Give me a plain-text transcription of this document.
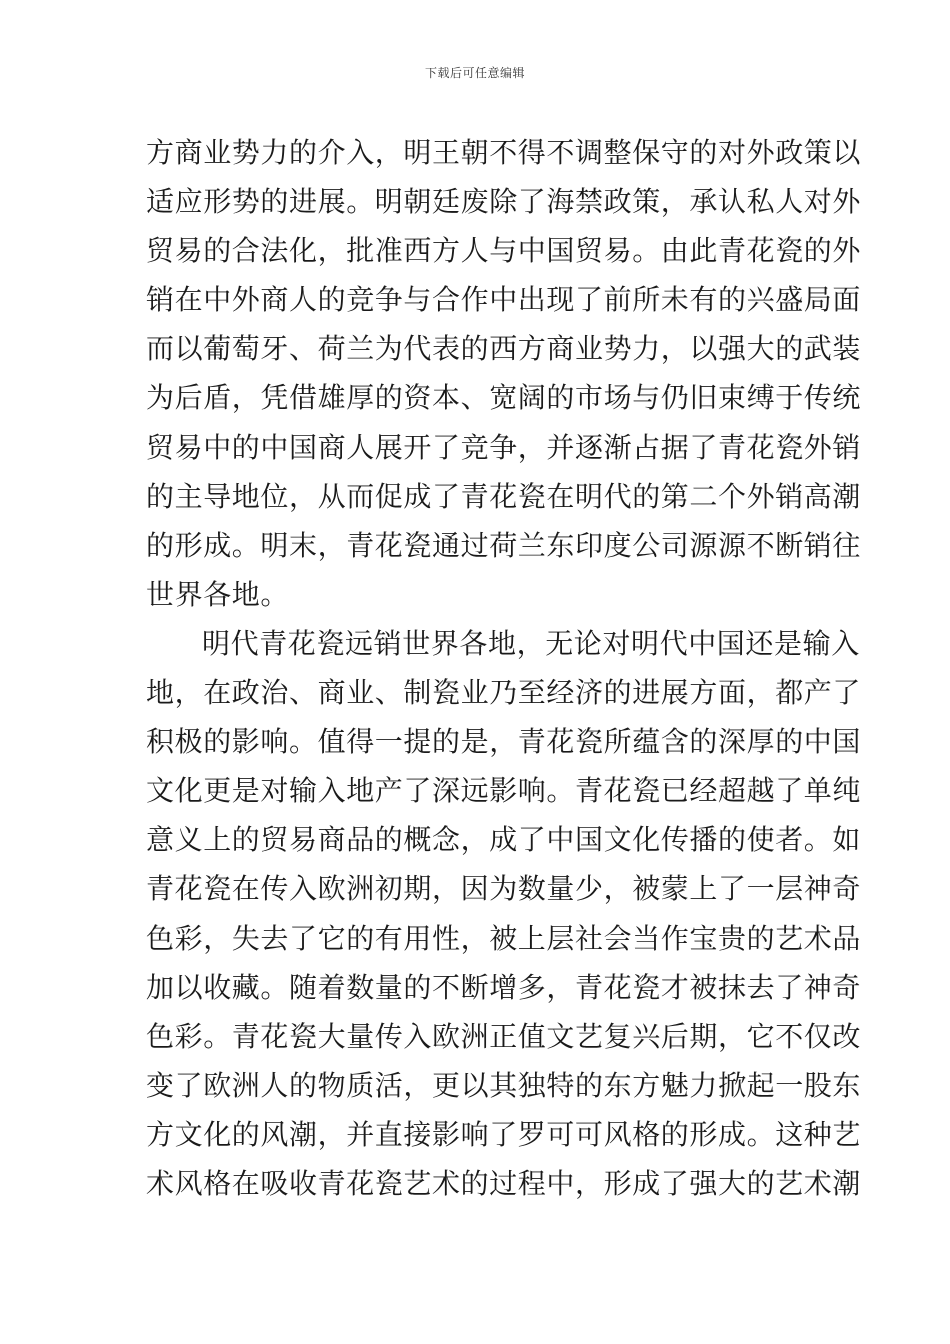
下载后可任意编辑
方商业势力的介入，明王朝不得不调整保守的对外政策以
适应形势的进展。明朝廷废除了海禁政策，承认私人对外
贸易的合法化，批准西方人与中国贸易。由此青花瓷的外
销在中外商人的竞争与合作中出现了前所未有的兴盛局面
而以葡萄牙、荷兰为代表的西方商业势力，以强大的武装
为后盾，凭借雄厚的资本、宽阔的市场与仍旧束缚于传统
贸易中的中国商人展开了竞争，并逐渐占据了青花瓷外销
的主导地位，从而促成了青花瓷在明代的第二个外销高潮
的形成。明末，青花瓷通过荷兰东印度公司源源不断销往
世界各地。
明代青花瓷远销世界各地，无论对明代中国还是输入
地，在政治、商业、制瓷业乃至经济的进展方面，都产了
积极的影响。值得一提的是，青花瓷所蕴含的深厚的中国
文化更是对输入地产了深远影响。青花瓷已经超越了单纯
意义上的贸易商品的概念，成了中国文化传播的使者。如
青花瓷在传入欧洲初期，因为数量少，被蒙上了一层神奇
色彩，失去了它的有用性，被上层社会当作宝贵的艺术品
加以收藏。随着数量的不断增多，青花瓷才被抹去了神奇
色彩。青花瓷大量传入欧洲正值文艺复兴后期，它不仅改
变了欧洲人的物质活，更以其独特的东方魅力掀起一股东
方文化的风潮，并直接影响了罗可可风格的形成。这种艺
术风格在吸收青花瓷艺术的过程中，形成了强大的艺术潮
